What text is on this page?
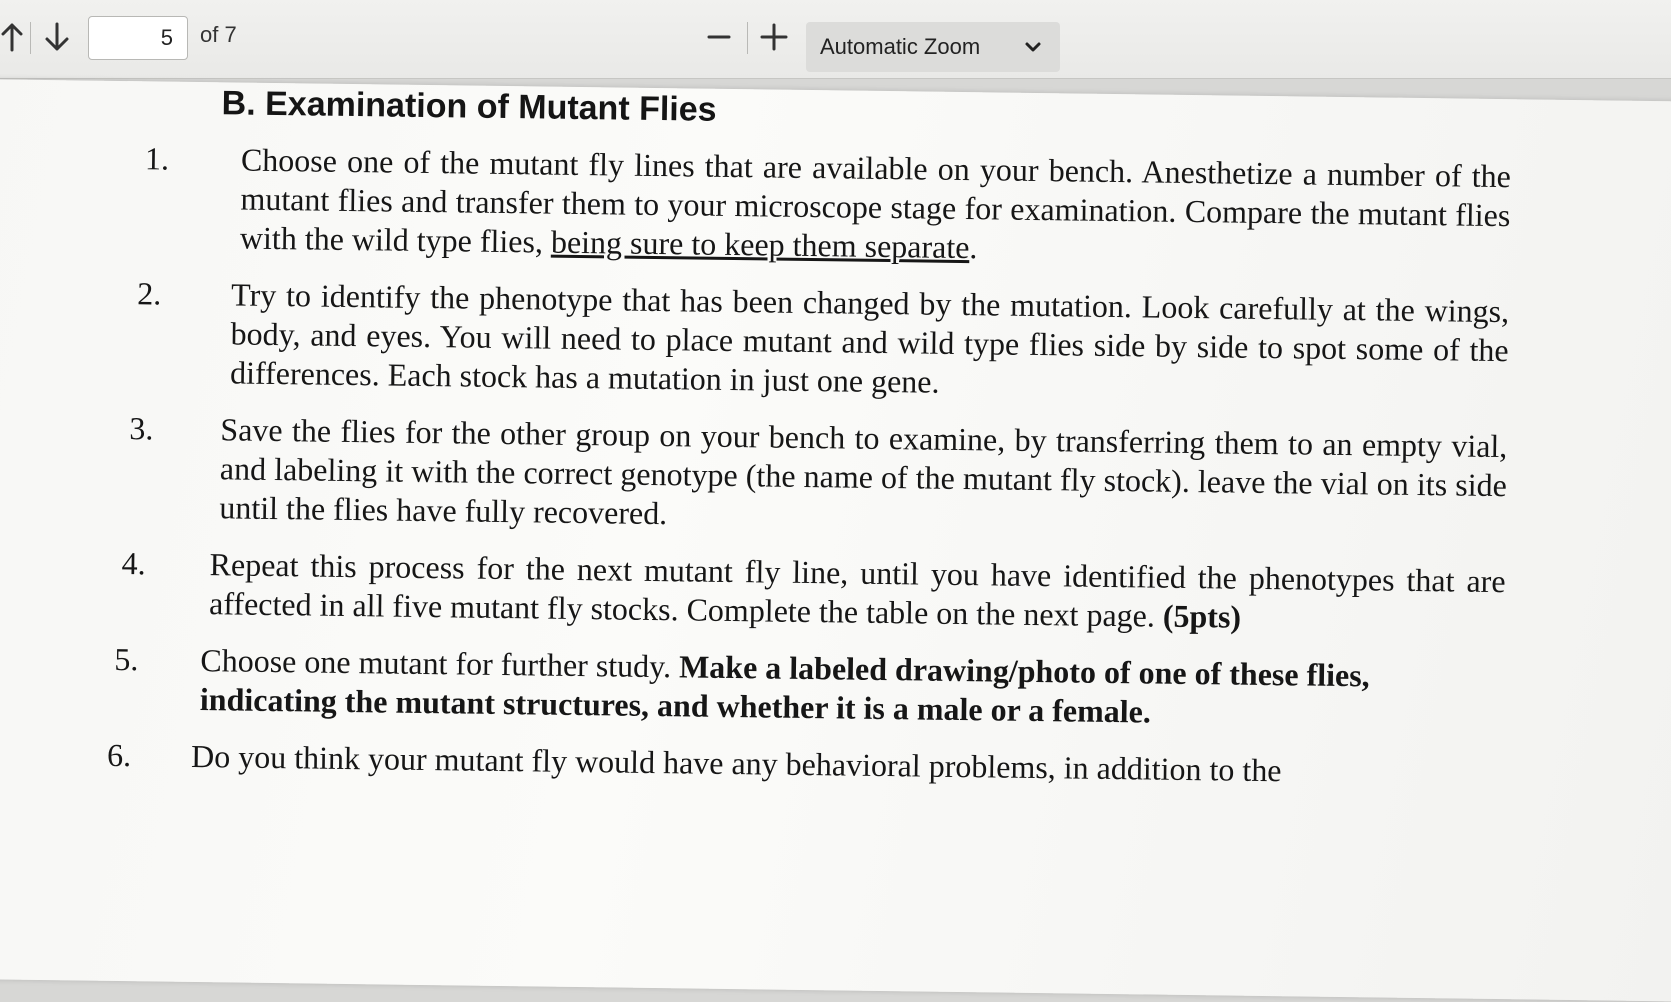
5
of 7	Automatic Zoom
B. Examination of Mutant Flies
1. Choose one of the mutant fly lines that are available on your bench. Anesthetize a number of the mutant flies and transfer them to your microscope stage for examination. Compare the mutant flies with the wild type flies, being sure to keep them separate.
2. Try to identify the phenotype that has been changed by the mutation. Look carefully at the wings, body, and eyes. You will need to place mutant and wild type flies side by side to spot some of the differences. Each stock has a mutation in just one gene.
3. Save the flies for the other group on your bench to examine, by transferring them to an empty vial, and labeling it with the correct genotype (the name of the mutant fly stock). leave the vial on its side until the flies have fully recovered.
4. Repeat this process for the next mutant fly line, until you have identified the phenotypes that are affected in all five mutant fly stocks. Complete the table on the next page. (5pts)
5. Choose one mutant for further study. Make a labeled drawing/photo of one of these flies, indicating the mutant structures, and whether it is a male or a female.
6. Do you think your mutant fly would have any behavioral problems, in addition to the
